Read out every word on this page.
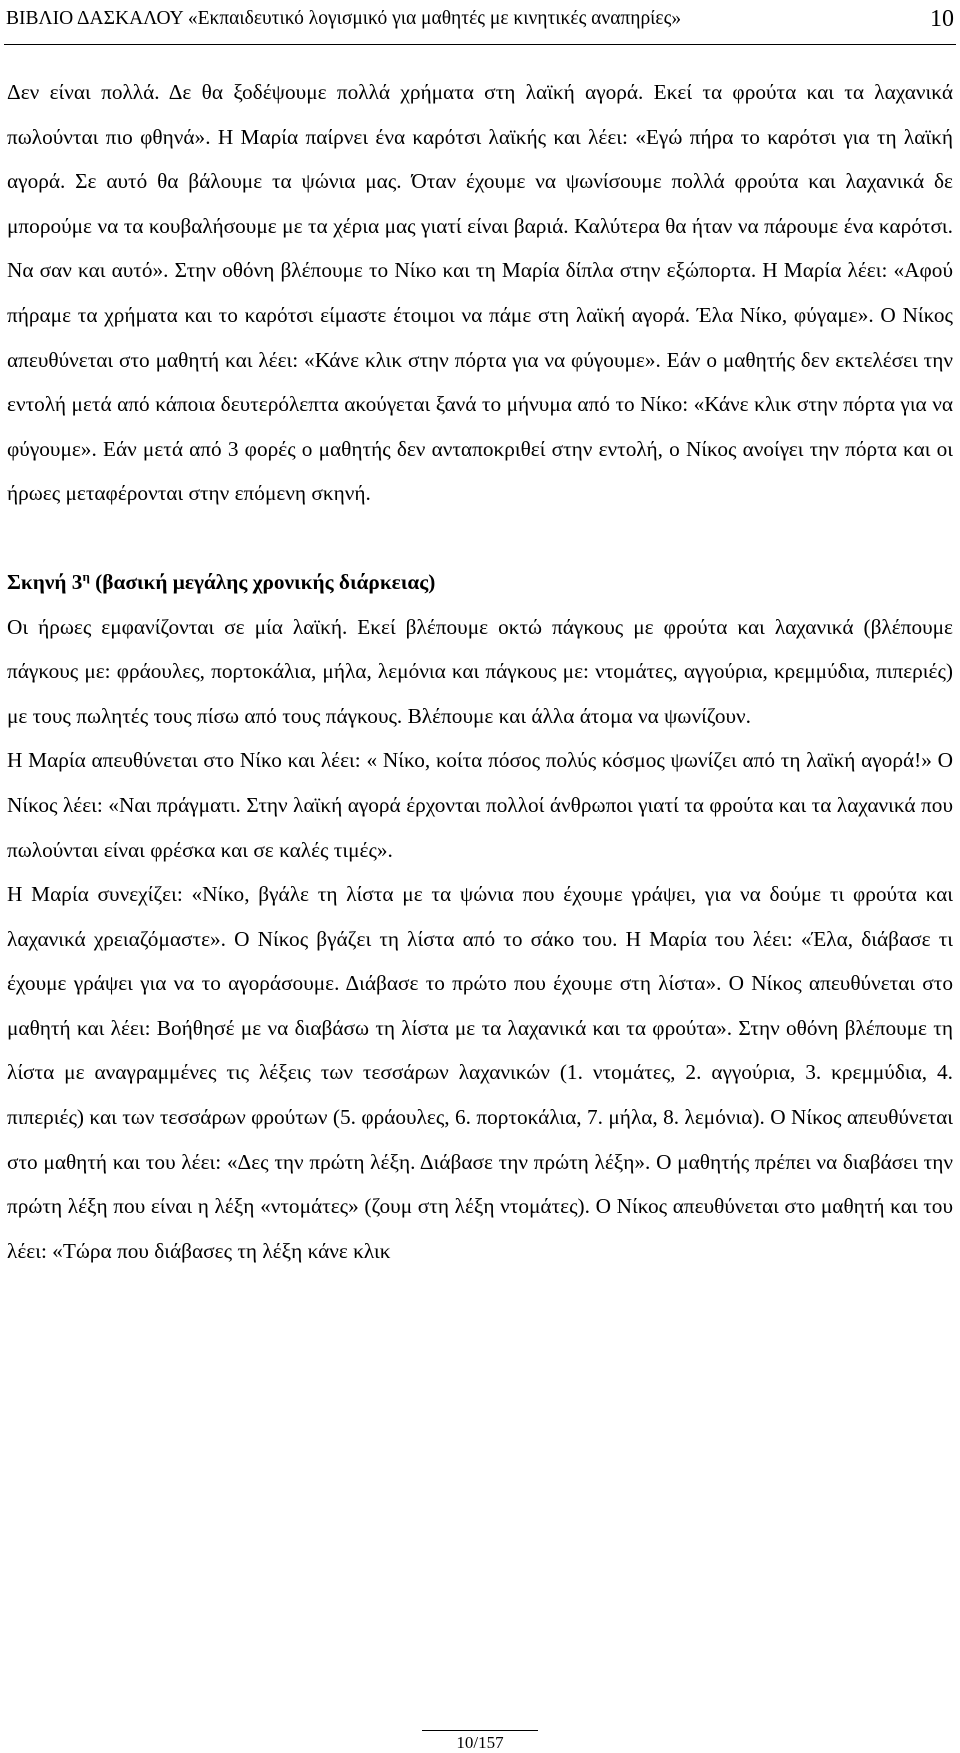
ΒΙΒΛΙΟ ΔΑΣΚΑΛΟΥ «Εκπαιδευτικό λογισμικό για μαθητές με κινητικές αναπηρίες»	10

Δεν είναι πολλά. Δε θα ξοδέψουμε πολλά χρήματα στη λαϊκή αγορά. Εκεί τα φρούτα και τα λαχανικά πωλούνται πιο φθηνά». Η Μαρία παίρνει ένα καρότσι λαϊκής και λέει: «Εγώ πήρα το καρότσι για τη λαϊκή αγορά. Σε αυτό θα βάλουμε τα ψώνια μας. Όταν έχουμε να ψωνίσουμε πολλά φρούτα και λαχανικά δε μπορούμε να τα κουβαλήσουμε με τα χέρια μας γιατί είναι βαριά. Καλύτερα θα ήταν να πάρουμε ένα καρότσι. Να σαν και αυτό». Στην οθόνη βλέπουμε το Νίκο και τη Μαρία δίπλα στην εξώπορτα. Η Μαρία λέει: «Αφού πήραμε τα χρήματα και το καρότσι είμαστε έτοιμοι να πάμε στη λαϊκή αγορά. Έλα Νίκο, φύγαμε». Ο Νίκος απευθύνεται στο μαθητή και λέει: «Κάνε κλικ στην πόρτα για να φύγουμε». Εάν ο μαθητής δεν εκτελέσει την εντολή μετά από κάποια δευτερόλεπτα ακούγεται ξανά το μήνυμα από το Νίκο: «Κάνε κλικ στην πόρτα για να φύγουμε». Εάν μετά από 3 φορές ο μαθητής δεν ανταποκριθεί στην εντολή, ο Νίκος ανοίγει την πόρτα και οι ήρωες μεταφέρονται στην επόμενη σκηνή.

Σκηνή $3^\eta$ (βασική μεγάλης χρονικής διάρκειας)

Οι ήρωες εμφανίζονται σε μία λαϊκή. Εκεί βλέπουμε οκτώ πάγκους με φρούτα και λαχανικά (βλέπουμε πάγκους με: φράουλες, πορτοκάλια, μήλα, λεμόνια και πάγκους με: ντομάτες, αγγούρια, κρεμμύδια, πιπεριές) με τους πωλητές τους πίσω από τους πάγκους. Βλέπουμε και άλλα άτομα να ψωνίζουν.

Η Μαρία απευθύνεται στο Νίκο και λέει: « Νίκο, κοίτα πόσος πολύς κόσμος ψωνίζει από τη λαϊκή αγορά!» Ο Νίκος λέει: «Ναι πράγματι. Στην λαϊκή αγορά έρχονται πολλοί άνθρωποι γιατί τα φρούτα και τα λαχανικά που πωλούνται είναι φρέσκα και σε καλές τιμές».

Η Μαρία συνεχίζει: «Νίκο, βγάλε τη λίστα με τα ψώνια που έχουμε γράψει, για να δούμε τι φρούτα και λαχανικά χρειαζόμαστε». Ο Νίκος βγάζει τη λίστα από το σάκο του. Η Μαρία του λέει: «Έλα, διάβασε τι έχουμε γράψει για να το αγοράσουμε. Διάβασε το πρώτο που έχουμε στη λίστα». Ο Νίκος απευθύνεται στο μαθητή και λέει: Βοήθησέ με να διαβάσω τη λίστα με τα λαχανικά και τα φρούτα». Στην οθόνη βλέπουμε τη λίστα με αναγραμμένες τις λέξεις των τεσσάρων λαχανικών (1. ντομάτες, 2. αγγούρια, 3. κρεμμύδια, 4. πιπεριές) και των τεσσάρων φρούτων (5. φράουλες, 6. πορτοκάλια, 7. μήλα, 8. λεμόνια). Ο Νίκος απευθύνεται στο μαθητή και του λέει: «Δες την πρώτη λέξη. Διάβασε την πρώτη λέξη». Ο μαθητής πρέπει να διαβάσει την πρώτη λέξη που είναι η λέξη «ντομάτες» (ζουμ στη λέξη ντομάτες). Ο Νίκος απευθύνεται στο μαθητή και του λέει: «Τώρα που διάβασες τη λέξη κάνε κλικ

10/157
